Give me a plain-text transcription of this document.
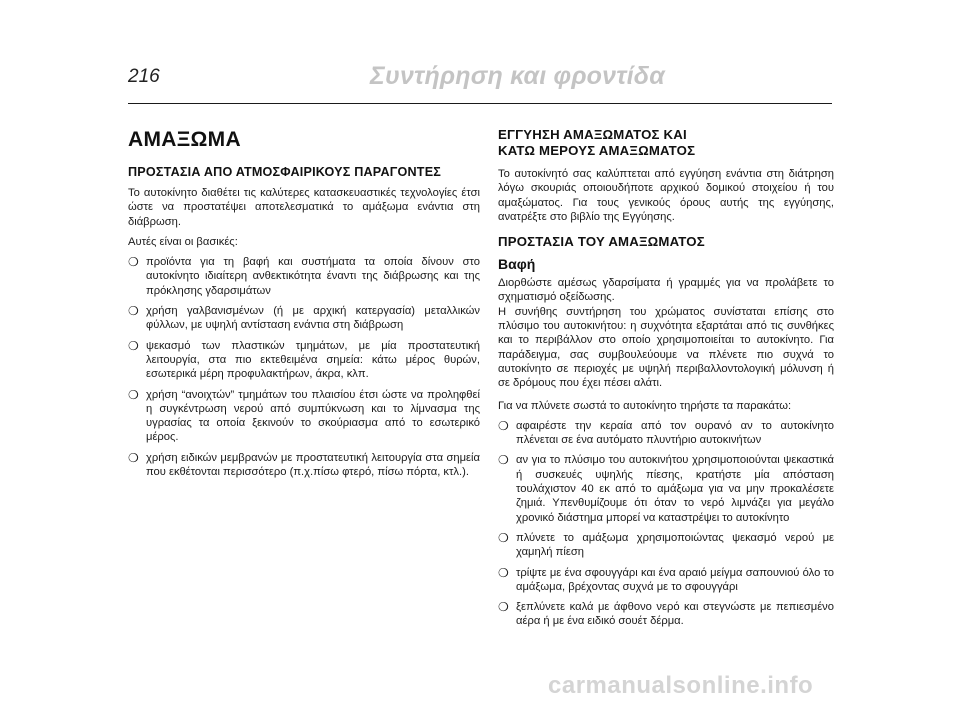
216	Συντήρηση και φροντίδα
ΑΜΑΞΩΜΑ
ΠΡΟΣΤΑΣΙΑ ΑΠΟ ΑΤΜΟΣΦΑΙΡΙΚΟΥΣ ΠΑΡΑΓΟΝΤΕΣ

Το αυτοκίνητο διαθέτει τις καλύτερες κατασκευαστικές τεχνολογίες έτσι ώστε να προστατέψει αποτελεσματικά το αμάξωμα ενάντια στη διάβρωση.

Αυτές είναι οι βασικές:

❍ προϊόντα για τη βαφή και συστήματα τα οποία δίνουν στο αυτοκίνητο ιδιαίτερη ανθεκτικότητα έναντι της διάβρωσης και της πρόκλησης γδαρσιμάτων
❍ χρήση γαλβανισμένων (ή με αρχική κατεργασία) μεταλλικών φύλλων, με υψηλή αντίσταση ενάντια στη διάβρωση
❍ ψεκασμό των πλαστικών τμημάτων, με μία προστατευτική λειτουργία, στα πιο εκτεθειμένα σημεία: κάτω μέρος θυρών, εσωτερικά μέρη προφυλακτήρων, άκρα, κλπ.
❍ χρήση “ανοιχτών” τμημάτων του πλαισίου έτσι ώστε να προληφθεί η συγκέντρωση νερού από συμπύκνωση και το λίμνασμα της υγρασίας τα οποία ξεκινούν το σκούριασμα από το εσωτερικό μέρος.
❍ χρήση ειδικών μεμβρανών με προστατευτική λειτουργία στα σημεία που εκθέτονται περισσότερο (π.χ.πίσω φτερό, πίσω πόρτα, κτλ.).
ΕΓΓΥΗΣΗ ΑΜΑΞΩΜΑΤΟΣ ΚΑΙ
ΚΑΤΩ ΜΕΡΟΥΣ ΑΜΑΞΩΜΑΤΟΣ

Το αυτοκίνητό σας καλύπτεται από εγγύηση ενάντια στη διάτρηση λόγω σκουριάς οποιουδήποτε αρχικού δομικού στοιχείου ή του αμαξώματος. Για τους γενικούς όρους αυτής της εγγύησης, ανατρέξτε στο βιβλίο της Εγγύησης.

ΠΡΟΣΤΑΣΙΑ ΤΟΥ ΑΜΑΞΩΜΑΤΟΣ
Βαφή

Διορθώστε αμέσως γδαρσίματα ή γραμμές για να προλάβετε το σχηματισμό οξείδωσης.

Η συνήθης συντήρηση του χρώματος συνίσταται επίσης στο πλύσιμο του αυτοκινήτου: η συχνότητα εξαρτάται από τις συνθήκες και το περιβάλλον στο οποίο χρησιμοποιείται το αυτοκίνητο. Για παράδειγμα, σας συμβουλεύουμε να πλένετε πιο συχνά το αυτοκίνητο σε περιοχές με υψηλή περιβαλλοντολογική μόλυνση ή σε δρόμους που έχει πέσει αλάτι.

Για να πλύνετε σωστά το αυτοκίνητο τηρήστε τα παρακάτω:

❍ αφαιρέστε την κεραία από τον ουρανό αν το αυτοκίνητο πλένεται σε ένα αυτόματο πλυντήριο αυτοκινήτων
❍ αν για το πλύσιμο του αυτοκινήτου χρησιμοποιούνται ψεκαστικά ή συσκευές υψηλής πίεσης, κρατήστε μία απόσταση τουλάχιστον 40 εκ από το αμάξωμα για να μην προκαλέσετε ζημιά. Υπενθυμίζουμε ότι όταν το νερό λιμνάζει για μεγάλο χρονικό διάστημα μπορεί να καταστρέψει το αυτοκίνητο
❍ πλύνετε το αμάξωμα χρησιμοποιώντας ψεκασμό νερού με χαμηλή πίεση
❍ τρίψτε με ένα σφουγγάρι και ένα αραιό μείγμα σαπουνιού όλο το αμάξωμα, βρέχοντας συχνά με το σφουγγάρι
❍ ξεπλύνετε καλά με άφθονο νερό και στεγνώστε με πεπιεσμένο αέρα ή με ένα ειδικό σουέτ δέρμα.
carmanualsonline.info
